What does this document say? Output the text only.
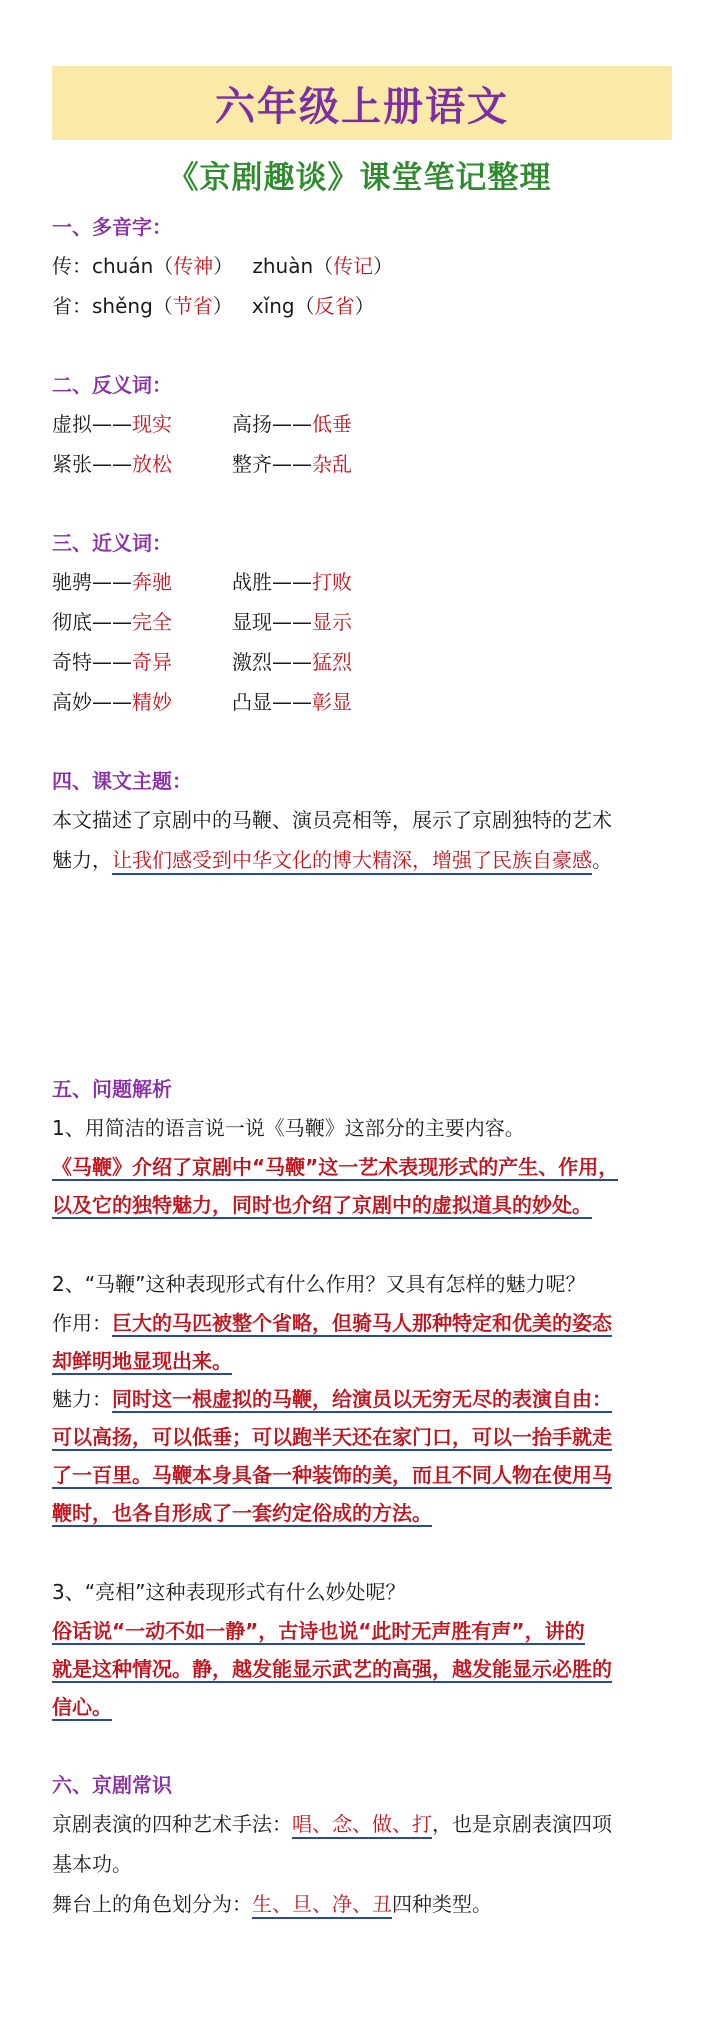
六年级上册语文
《京剧趣谈》课堂笔记整理
一、多音字：
传：chuán（传神） zhuàn（传记）
省：shěng（节省） xǐng（反省）
二、反义词：
虚拟——现实	高扬——低垂
紧张——放松	整齐——杂乱
三、近义词：
驰骋——奔驰	战胜——打败
彻底——完全	显现——显示
奇特——奇异	激烈——猛烈
高妙——精妙	凸显——彰显
四、课文主题：
本文描述了京剧中的马鞭、演员亮相等，展示了京剧独特的艺术
魅力，让我们感受到中华文化的博大精深，增强了民族自豪感。
五、问题解析
1、用简洁的语言说一说《马鞭》这部分的主要内容。
《马鞭》介绍了京剧中“马鞭”这一艺术表现形式的产生、作用，
以及它的独特魅力，同时也介绍了京剧中的虚拟道具的妙处。
2、“马鞭”这种表现形式有什么作用？又具有怎样的魅力呢？
作用：巨大的马匹被整个省略，但骑马人那种特定和优美的姿态
却鲜明地显现出来。
魅力：同时这一根虚拟的马鞭，给演员以无穷无尽的表演自由：
可以高扬，可以低垂；可以跑半天还在家门口，可以一抬手就走
了一百里。马鞭本身具备一种装饰的美，而且不同人物在使用马
鞭时，也各自形成了一套约定俗成的方法。
3、“亮相”这种表现形式有什么妙处呢？
俗话说“一动不如一静”，古诗也说“此时无声胜有声”，讲的
就是这种情况。静，越发能显示武艺的高强，越发能显示必胜的
信心。
六、京剧常识
京剧表演的四种艺术手法：唱、念、做、打，也是京剧表演四项
基本功。
舞台上的角色划分为：生、旦、净、丑四种类型。
